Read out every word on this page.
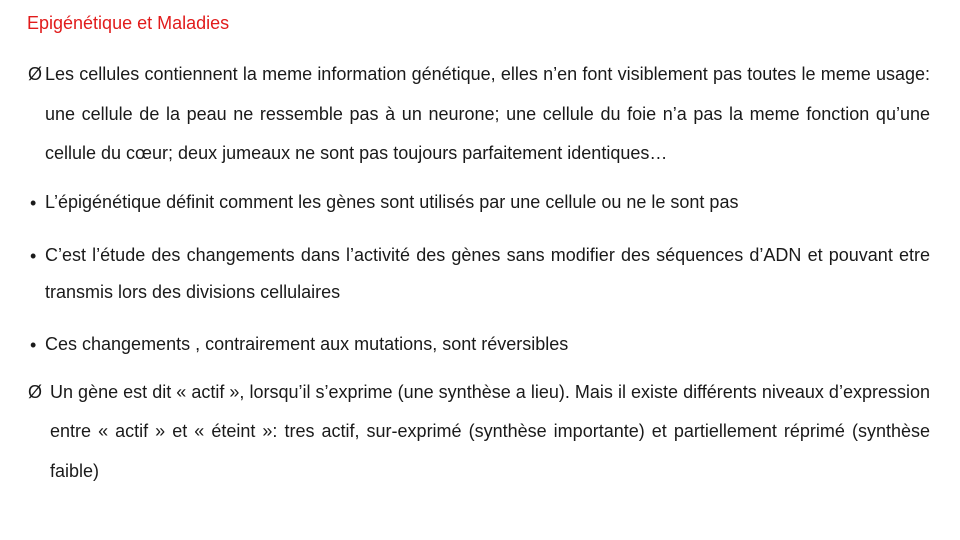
Epigénétique et Maladies
Ø Les cellules contiennent la meme information génétique, elles n’en font visiblement pas toutes le meme usage: une cellule de la peau ne ressemble pas à un neurone; une cellule du foie n’a pas la meme fonction qu’une cellule du cœur; deux jumeaux ne sont pas toujours parfaitement identiques…

• L’épigénétique définit comment les gènes sont utilisés par une cellule ou ne le sont pas

• C’est l’étude des changements dans l’activité des gènes sans modifier des séquences d’ADN et pouvant etre transmis lors des divisions cellulaires

• Ces changements , contrairement aux mutations, sont réversibles

Ø Un gène est dit « actif », lorsqu’il s’exprime (une synthèse a lieu). Mais il existe différents niveaux d’expression entre « actif » et « éteint »: tres actif, sur-exprimé (synthèse importante) et partiellement réprimé (synthèse faible)
